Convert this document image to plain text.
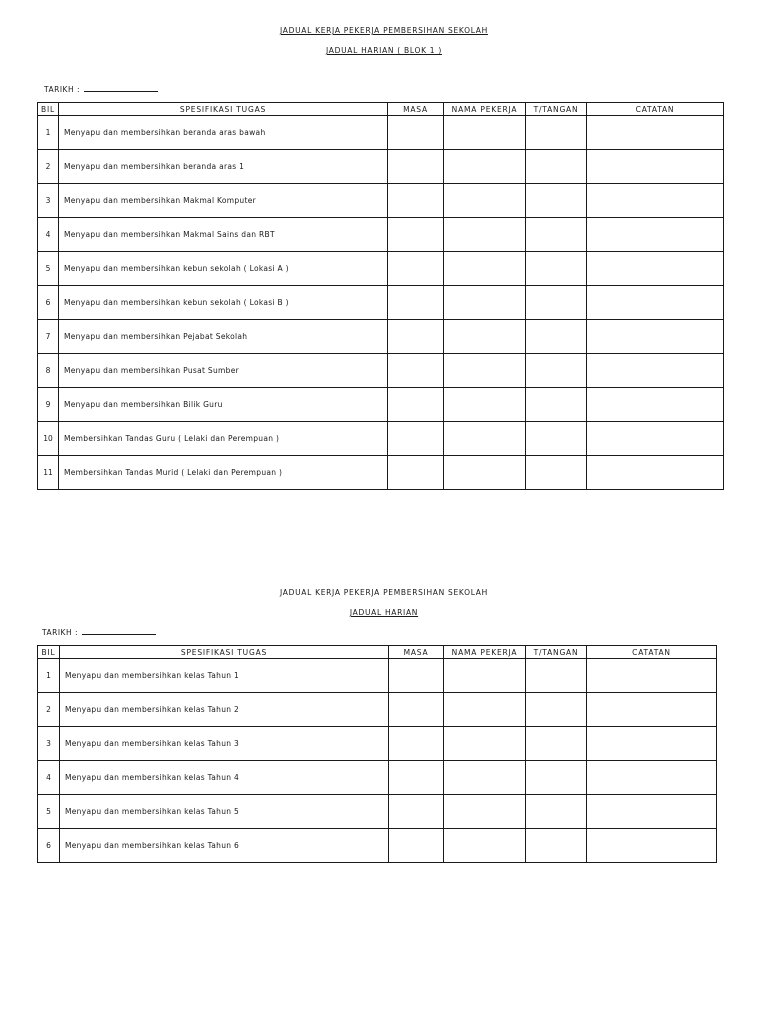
JADUAL KERJA PEKERJA PEMBERSIHAN SEKOLAH
JADUAL HARIAN ( BLOK 1 )
TARIKH :
BIL	SPESIFIKASI TUGAS	MASA	NAMA PEKERJA	T/TANGAN	CATATAN
1	Menyapu dan membersihkan beranda aras bawah				
2	Menyapu dan membersihkan beranda aras 1				
3	Menyapu dan membersihkan Makmal Komputer				
4	Menyapu dan membersihkan Makmal Sains dan RBT				
5	Menyapu dan membersihkan kebun sekolah ( Lokasi A )				
6	Menyapu dan membersihkan kebun sekolah ( Lokasi B )				
7	Menyapu dan membersihkan Pejabat Sekolah				
8	Menyapu dan membersihkan Pusat Sumber				
9	Menyapu dan membersihkan Bilik Guru				
10	Membersihkan Tandas Guru ( Lelaki dan Perempuan )				
11	Membersihkan Tandas Murid ( Lelaki dan Perempuan )				
JADUAL KERJA PEKERJA PEMBERSIHAN SEKOLAH
JADUAL HARIAN
TARIKH :
BIL	SPESIFIKASI TUGAS	MASA	NAMA PEKERJA	T/TANGAN	CATATAN
1	Menyapu dan membersihkan kelas Tahun 1				
2	Menyapu dan membersihkan kelas Tahun 2				
3	Menyapu dan membersihkan kelas Tahun 3				
4	Menyapu dan membersihkan kelas Tahun 4				
5	Menyapu dan membersihkan kelas Tahun 5				
6	Menyapu dan membersihkan kelas Tahun 6				
